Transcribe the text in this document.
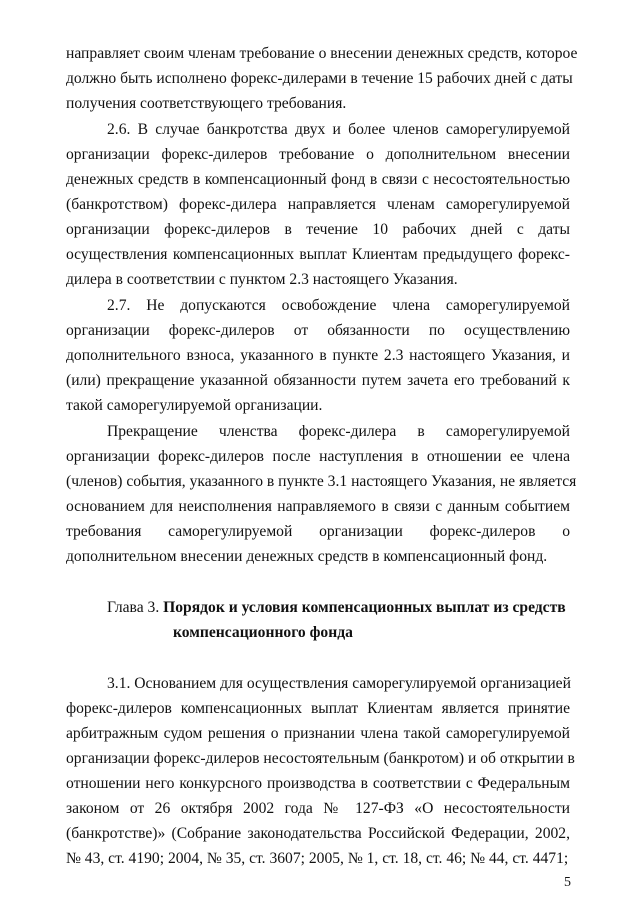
направляет своим членам требование о внесении денежных средств, которое
должно быть исполнено форекс-дилерами в течение 15 рабочих дней с даты
получения соответствующего требования.
2.6. В случае банкротства двух и более членов саморегулируемой
организации форекс-дилеров требование о дополнительном внесении
денежных средств в компенсационный фонд в связи с несостоятельностью
(банкротством) форекс-дилера направляется членам саморегулируемой
организации форекс-дилеров в течение 10 рабочих дней с даты
осуществления компенсационных выплат Клиентам предыдущего форекс-
дилера в соответствии с пунктом 2.3 настоящего Указания.
2.7. Не допускаются освобождение члена саморегулируемой
организации форекс-дилеров от обязанности по осуществлению
дополнительного взноса, указанного в пункте 2.3 настоящего Указания, и
(или) прекращение указанной обязанности путем зачета его требований к
такой саморегулируемой организации.
Прекращение членства форекс-дилера в саморегулируемой
организации форекс-дилеров после наступления в отношении ее члена
(членов) события, указанного в пункте 3.1 настоящего Указания, не является
основанием для неисполнения направляемого в связи с данным событием
требования саморегулируемой организации форекс-дилеров о
дополнительном внесении денежных средств в компенсационный фонд.
Глава 3. Порядок и условия компенсационных выплат из средств
компенсационного фонда
3.1. Основанием для осуществления саморегулируемой организацией
форекс-дилеров компенсационных выплат Клиентам является принятие
арбитражным судом решения о признании члена такой саморегулируемой
организации форекс-дилеров несостоятельным (банкротом) и об открытии в
отношении него конкурсного производства в соответствии с Федеральным
законом от 26 октября 2002 года № 127-ФЗ «О несостоятельности
(банкротстве)» (Собрание законодательства Российской Федерации, 2002,
№ 43, ст. 4190; 2004, № 35, ст. 3607; 2005, № 1, ст. 18, ст. 46; № 44, ст. 4471;
5
